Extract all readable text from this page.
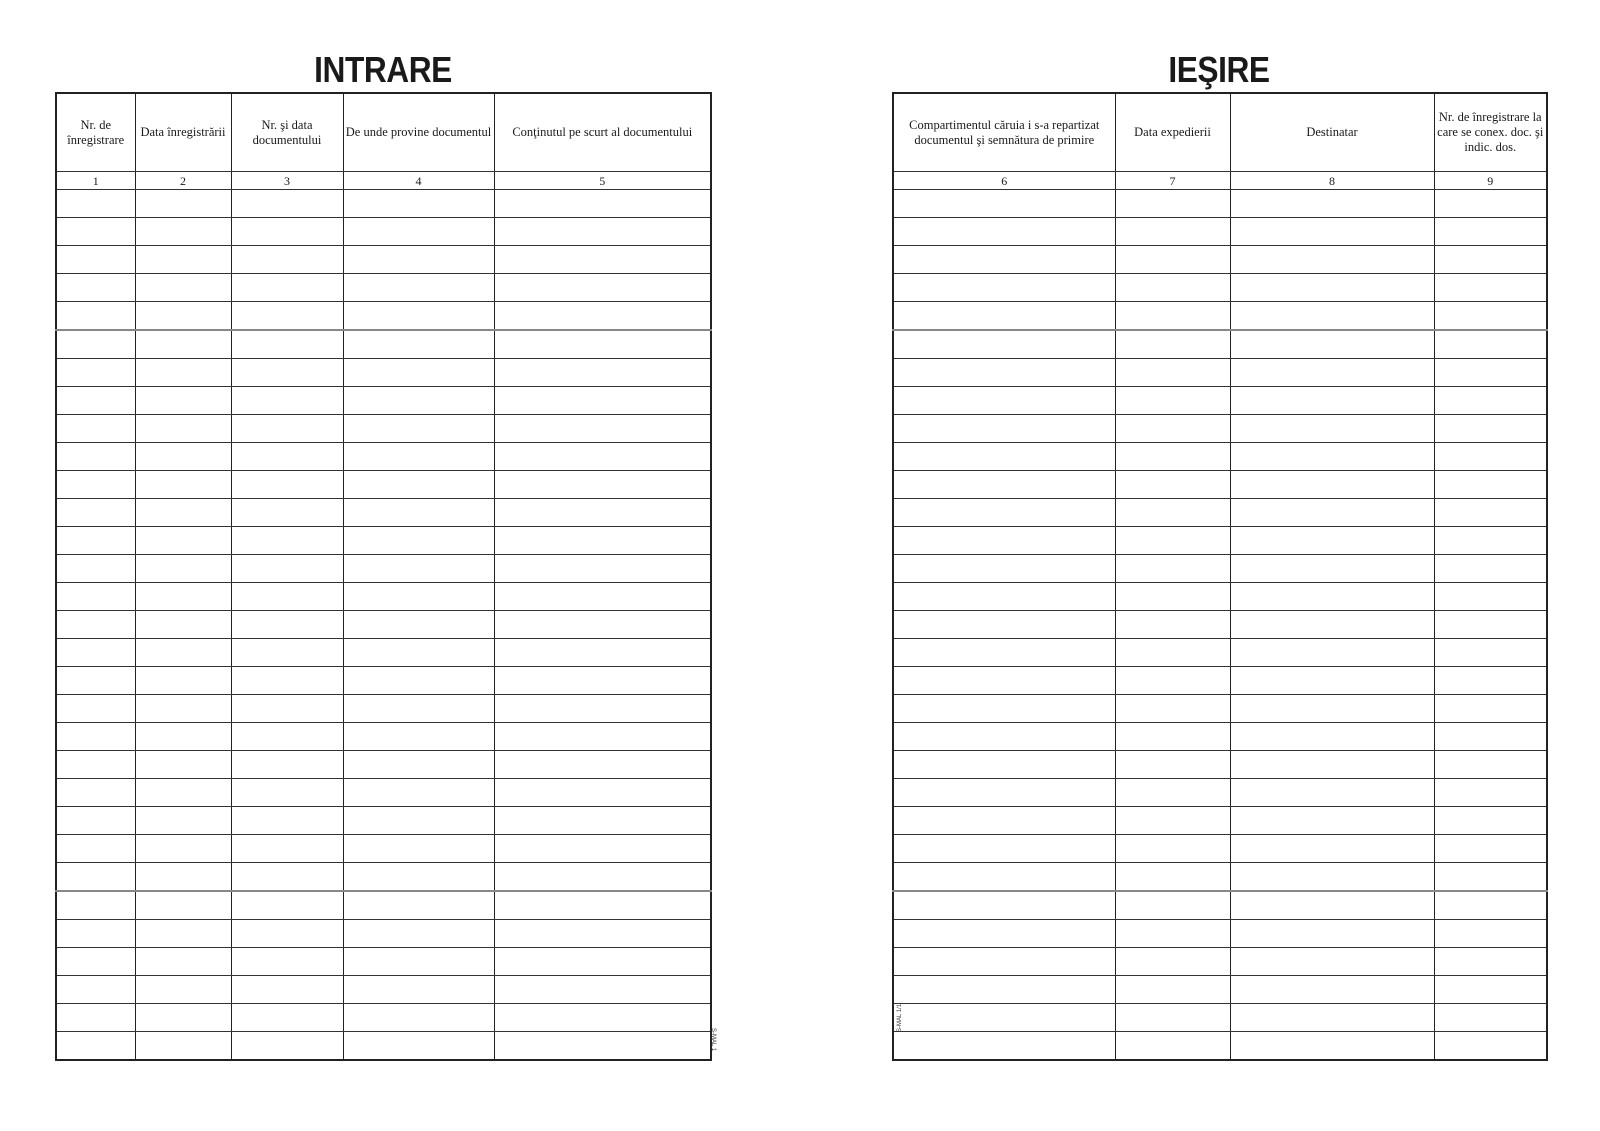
INTRARE	IEŞIRE
Nr. de înregistrare	Data înregistrării	Nr. şi data documentului	De unde provine documentul	Conţinutul pe scurt al documentului
1	2	3	4	5

Compartimentul căruia i s-a repartizat documentul şi semnătura de primire	Data expedierii	Destinatar	Nr. de înregistrare la care se conex. doc. şi indic. dos.
6	7	8	9

S-MAL 1
S-MAL 1/1
